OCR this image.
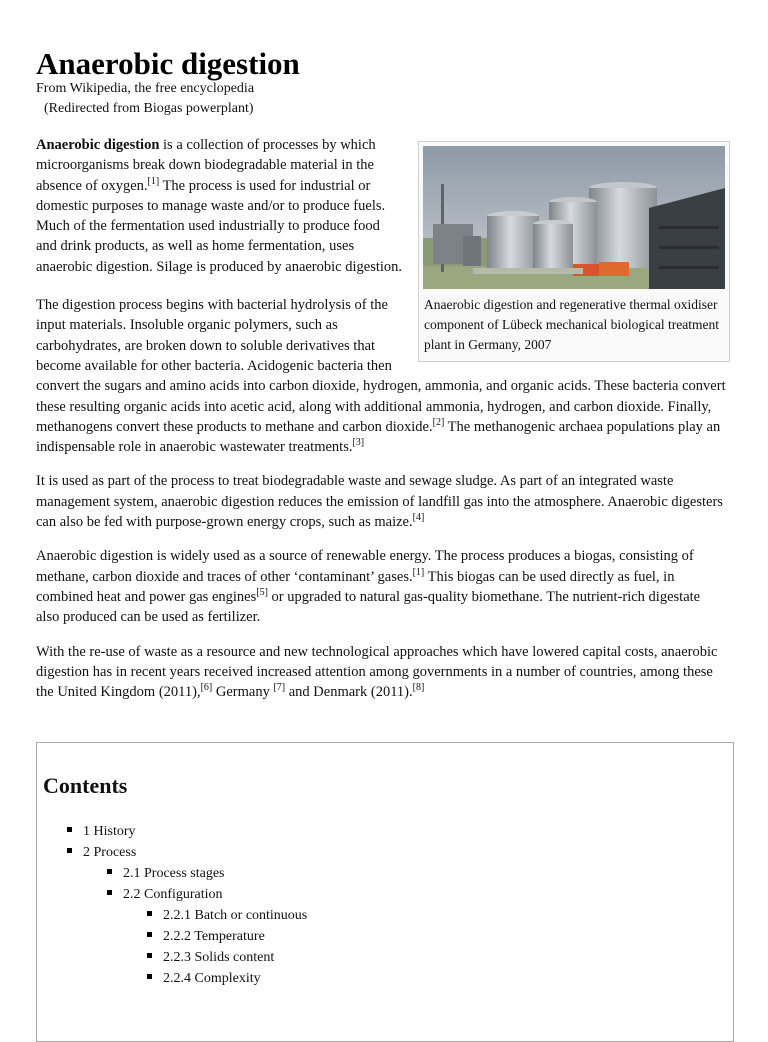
Anaerobic digestion
From Wikipedia, the free encyclopedia
(Redirected from Biogas powerplant)
Anaerobic digestion and regenerative thermal oxidiser component of Lübeck mechanical biological treatment plant in Germany, 2007

Anaerobic digestion is a collection of processes by which microorganisms break down biodegradable material in the absence of oxygen.[1] The process is used for industrial or domestic purposes to manage waste and/or to produce fuels. Much of the fermentation used industrially to produce food and drink products, as well as home fermentation, uses anaerobic digestion. Silage is produced by anaerobic digestion.

The digestion process begins with bacterial hydrolysis of the input materials. Insoluble organic polymers, such as carbohydrates, are broken down to soluble derivatives that become available for other bacteria. Acidogenic bacteria then convert the sugars and amino acids into carbon dioxide, hydrogen, ammonia, and organic acids. These bacteria convert these resulting organic acids into acetic acid, along with additional ammonia, hydrogen, and carbon dioxide. Finally, methanogens convert these products to methane and carbon dioxide.[2] The methanogenic archaea populations play an indispensable role in anaerobic wastewater treatments.[3]

It is used as part of the process to treat biodegradable waste and sewage sludge. As part of an integrated waste management system, anaerobic digestion reduces the emission of landfill gas into the atmosphere. Anaerobic digesters can also be fed with purpose-grown energy crops, such as maize.[4]

Anaerobic digestion is widely used as a source of renewable energy. The process produces a biogas, consisting of methane, carbon dioxide and traces of other ‘contaminant’ gases.[1] This biogas can be used directly as fuel, in combined heat and power gas engines[5] or upgraded to natural gas-quality biomethane. The nutrient-rich digestate also produced can be used as fertilizer.

With the re-use of waste as a resource and new technological approaches which have lowered capital costs, anaerobic digestion has in recent years received increased attention among governments in a number of countries, among these the United Kingdom (2011),[6] Germany [7] and Denmark (2011).[8]

Contents
1 History
2 Process
2.1 Process stages
2.2 Configuration
2.2.1 Batch or continuous
2.2.2 Temperature
2.2.3 Solids content
2.2.4 Complexity
